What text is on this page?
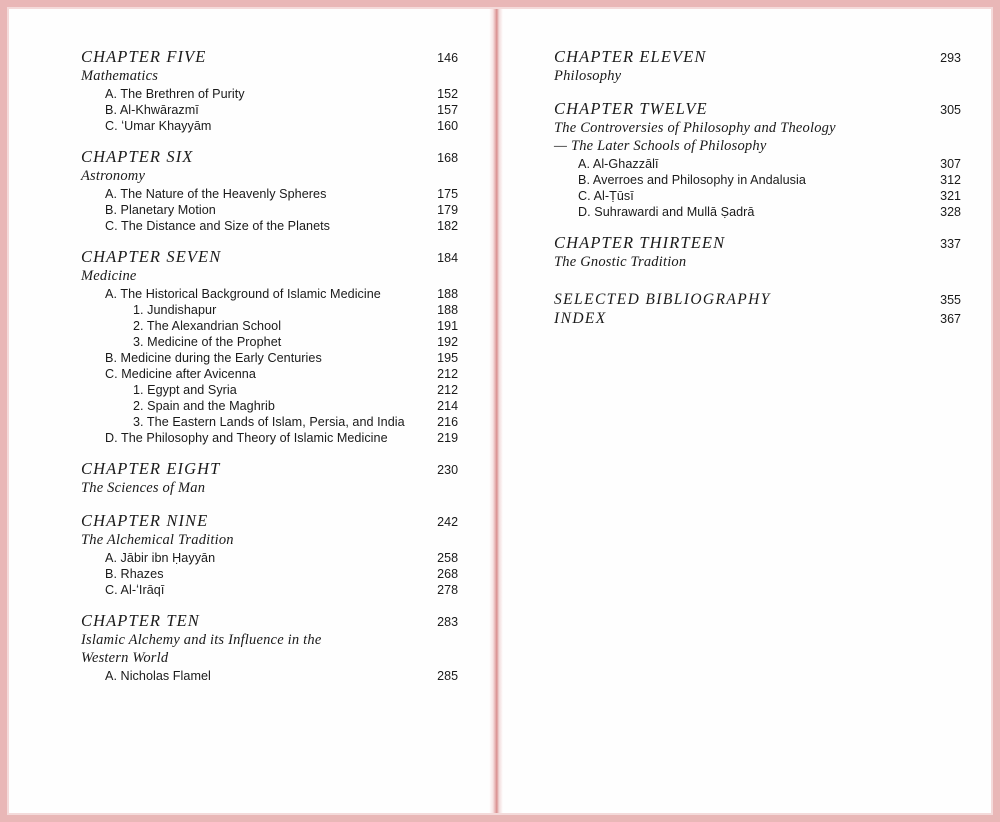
CHAPTER FIVE	146
Mathematics
A. The Brethren of Purity	152
B. Al-Khwārazmī	157
C. ʻUmar Khayyām	160
CHAPTER SIX	168
Astronomy
A. The Nature of the Heavenly Spheres	175
B. Planetary Motion	179
C. The Distance and Size of the Planets	182
CHAPTER SEVEN	184
Medicine
A. The Historical Background of Islamic Medicine	188
1. Jundishapur	188
2. The Alexandrian School	191
3. Medicine of the Prophet	192
B. Medicine during the Early Centuries	195
C. Medicine after Avicenna	212
1. Egypt and Syria	212
2. Spain and the Maghrib	214
3. The Eastern Lands of Islam, Persia, and India	216
D. The Philosophy and Theory of Islamic Medicine	219
CHAPTER EIGHT	230
The Sciences of Man
CHAPTER NINE	242
The Alchemical Tradition
A. Jābir ibn Ḥayyān	258
B. Rhazes	268
C. Al-ʻIrāqī	278
CHAPTER TEN	283
Islamic Alchemy and its Influence in the
Western World
A. Nicholas Flamel	285
CHAPTER ELEVEN	293
Philosophy
CHAPTER TWELVE	305
The Controversies of Philosophy and Theology
— The Later Schools of Philosophy
A. Al-Ghazzālī	307
B. Averroes and Philosophy in Andalusia	312
C. Al-Ṭūsī	321
D. Suhrawardi and Mullā Ṣadrā	328
CHAPTER THIRTEEN	337
The Gnostic Tradition
SELECTED BIBLIOGRAPHY	355
INDEX	367
